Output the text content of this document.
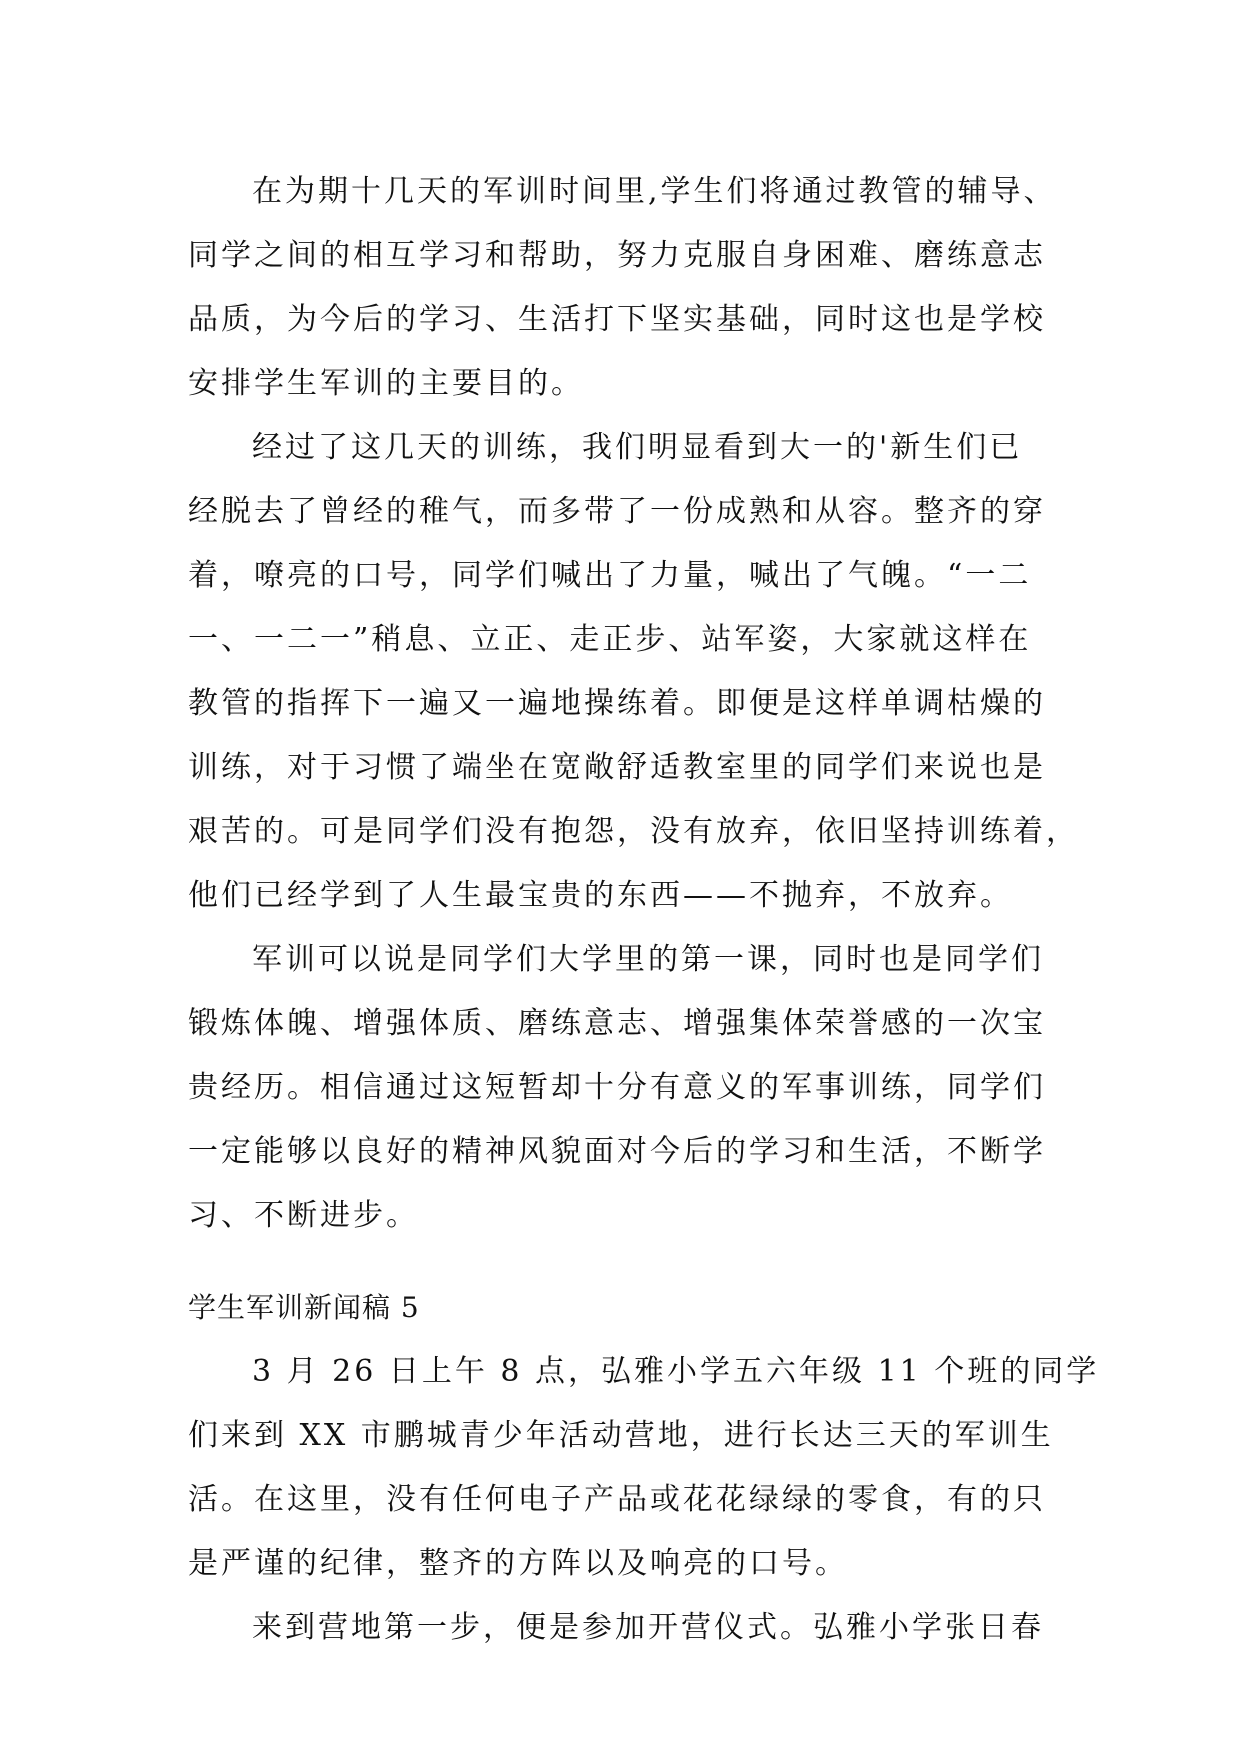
在为期十几天的军训时间里,学生们将通过教管的辅导、
同学之间的相互学习和帮助，努力克服自身困难、磨练意志
品质，为今后的学习、生活打下坚实基础，同时这也是学校
安排学生军训的主要目的。
经过了这几天的训练，我们明显看到大一的'新生们已
经脱去了曾经的稚气，而多带了一份成熟和从容。整齐的穿
着，嘹亮的口号，同学们喊出了力量，喊出了气魄。“一二
一、一二一”稍息、立正、走正步、站军姿，大家就这样在
教管的指挥下一遍又一遍地操练着。即便是这样单调枯燥的
训练，对于习惯了端坐在宽敞舒适教室里的同学们来说也是
艰苦的。可是同学们没有抱怨，没有放弃，依旧坚持训练着，
他们已经学到了人生最宝贵的东西——不抛弃，不放弃。
军训可以说是同学们大学里的第一课，同时也是同学们
锻炼体魄、增强体质、磨练意志、增强集体荣誉感的一次宝
贵经历。相信通过这短暂却十分有意义的军事训练，同学们
一定能够以良好的精神风貌面对今后的学习和生活，不断学
习、不断进步。
学生军训新闻稿 5
3 月 26 日上午 8 点，弘雅小学五六年级 11 个班的同学
们来到 XX 市鹏城青少年活动营地，进行长达三天的军训生
活。在这里，没有任何电子产品或花花绿绿的零食，有的只
是严谨的纪律，整齐的方阵以及响亮的口号。
来到营地第一步，便是参加开营仪式。弘雅小学张日春
